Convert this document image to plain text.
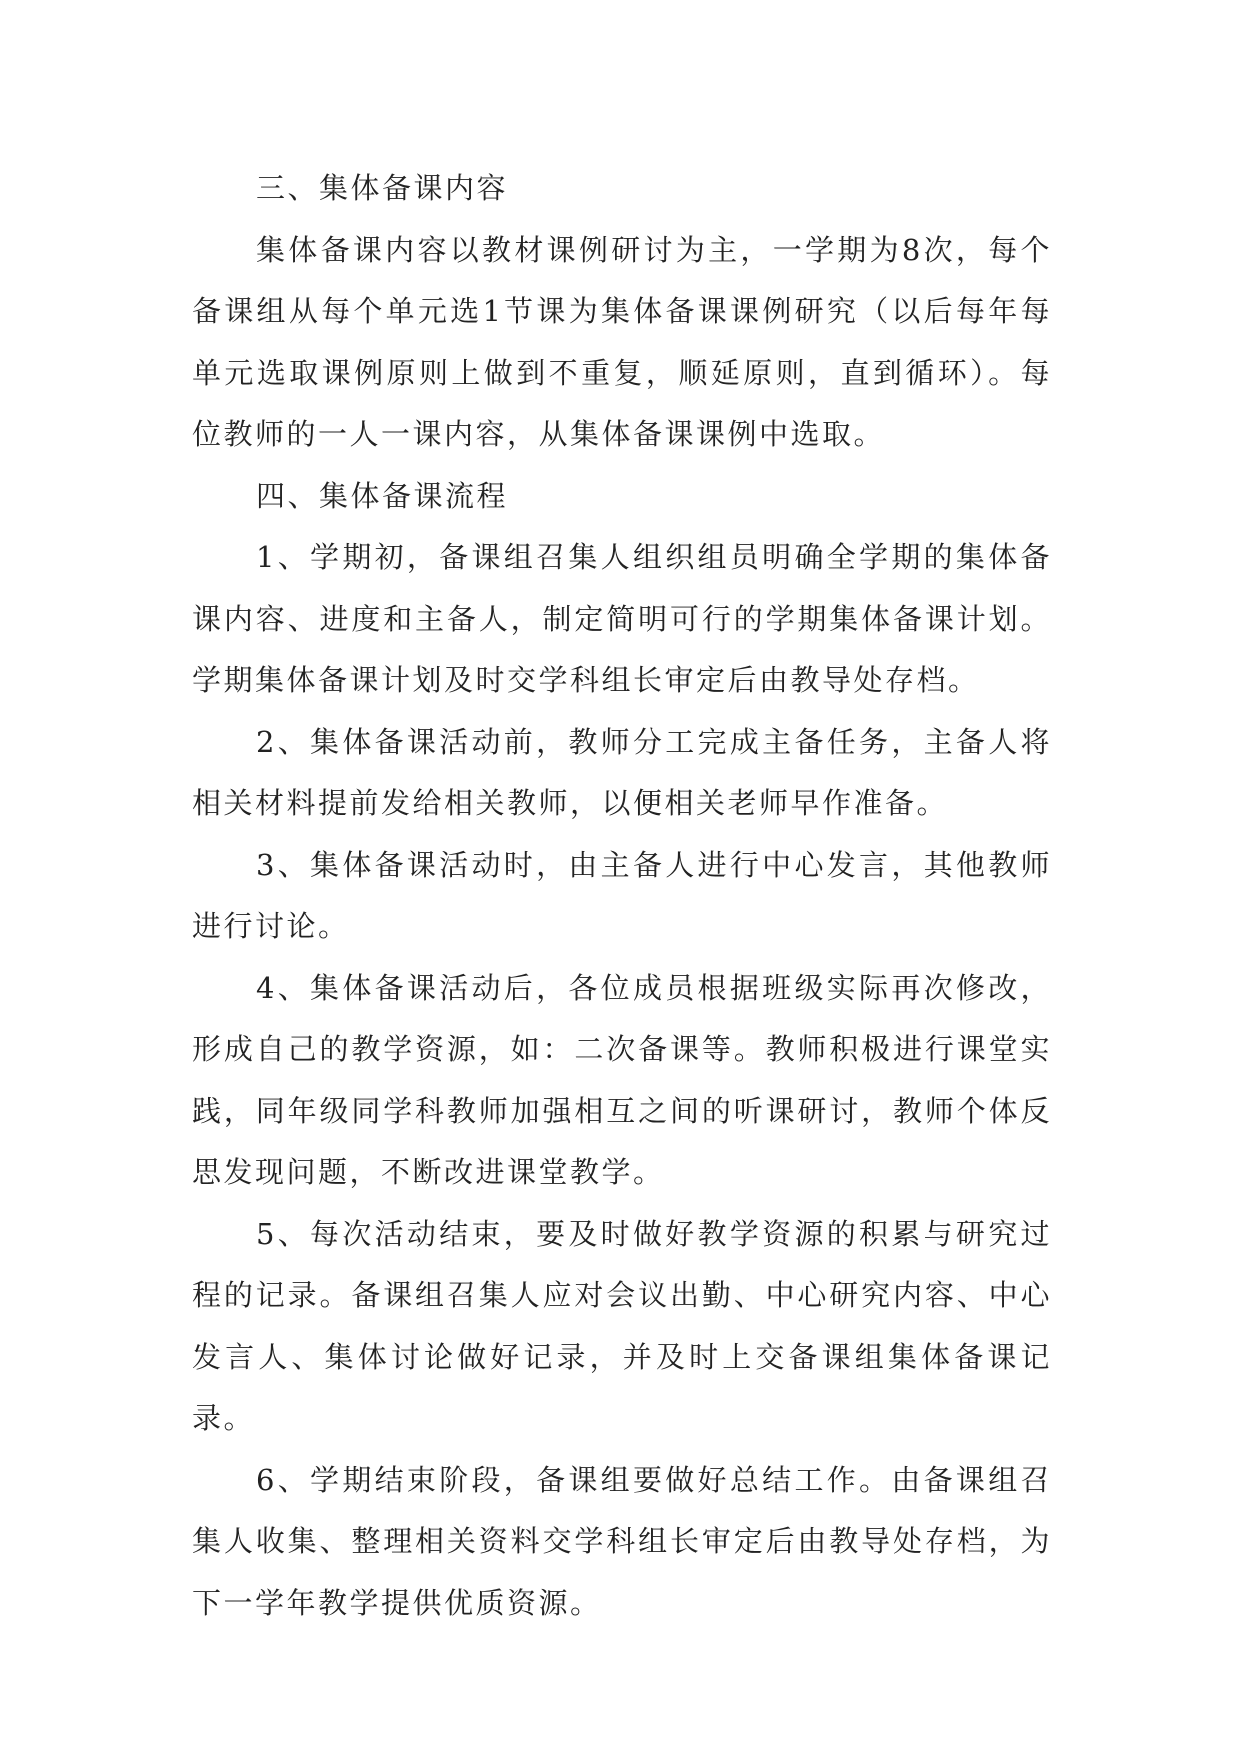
三、集体备课内容

集体备课内容以教材课例研讨为主，一学期为8次，每个备课组从每个单元选1节课为集体备课课例研究（以后每年每单元选取课例原则上做到不重复，顺延原则，直到循环）。每位教师的一人一课内容，从集体备课课例中选取。

四、集体备课流程

1、学期初，备课组召集人组织组员明确全学期的集体备课内容、进度和主备人，制定简明可行的学期集体备课计划。学期集体备课计划及时交学科组长审定后由教导处存档。

2、集体备课活动前，教师分工完成主备任务，主备人将相关材料提前发给相关教师，以便相关老师早作准备。

3、集体备课活动时，由主备人进行中心发言，其他教师进行讨论。

4、集体备课活动后，各位成员根据班级实际再次修改，形成自己的教学资源，如：二次备课等。教师积极进行课堂实践，同年级同学科教师加强相互之间的听课研讨，教师个体反思发现问题，不断改进课堂教学。

5、每次活动结束，要及时做好教学资源的积累与研究过程的记录。备课组召集人应对会议出勤、中心研究内容、中心发言人、集体讨论做好记录，并及时上交备课组集体备课记录。

6、学期结束阶段，备课组要做好总结工作。由备课组召集人收集、整理相关资料交学科组长审定后由教导处存档，为下一学年教学提供优质资源。
